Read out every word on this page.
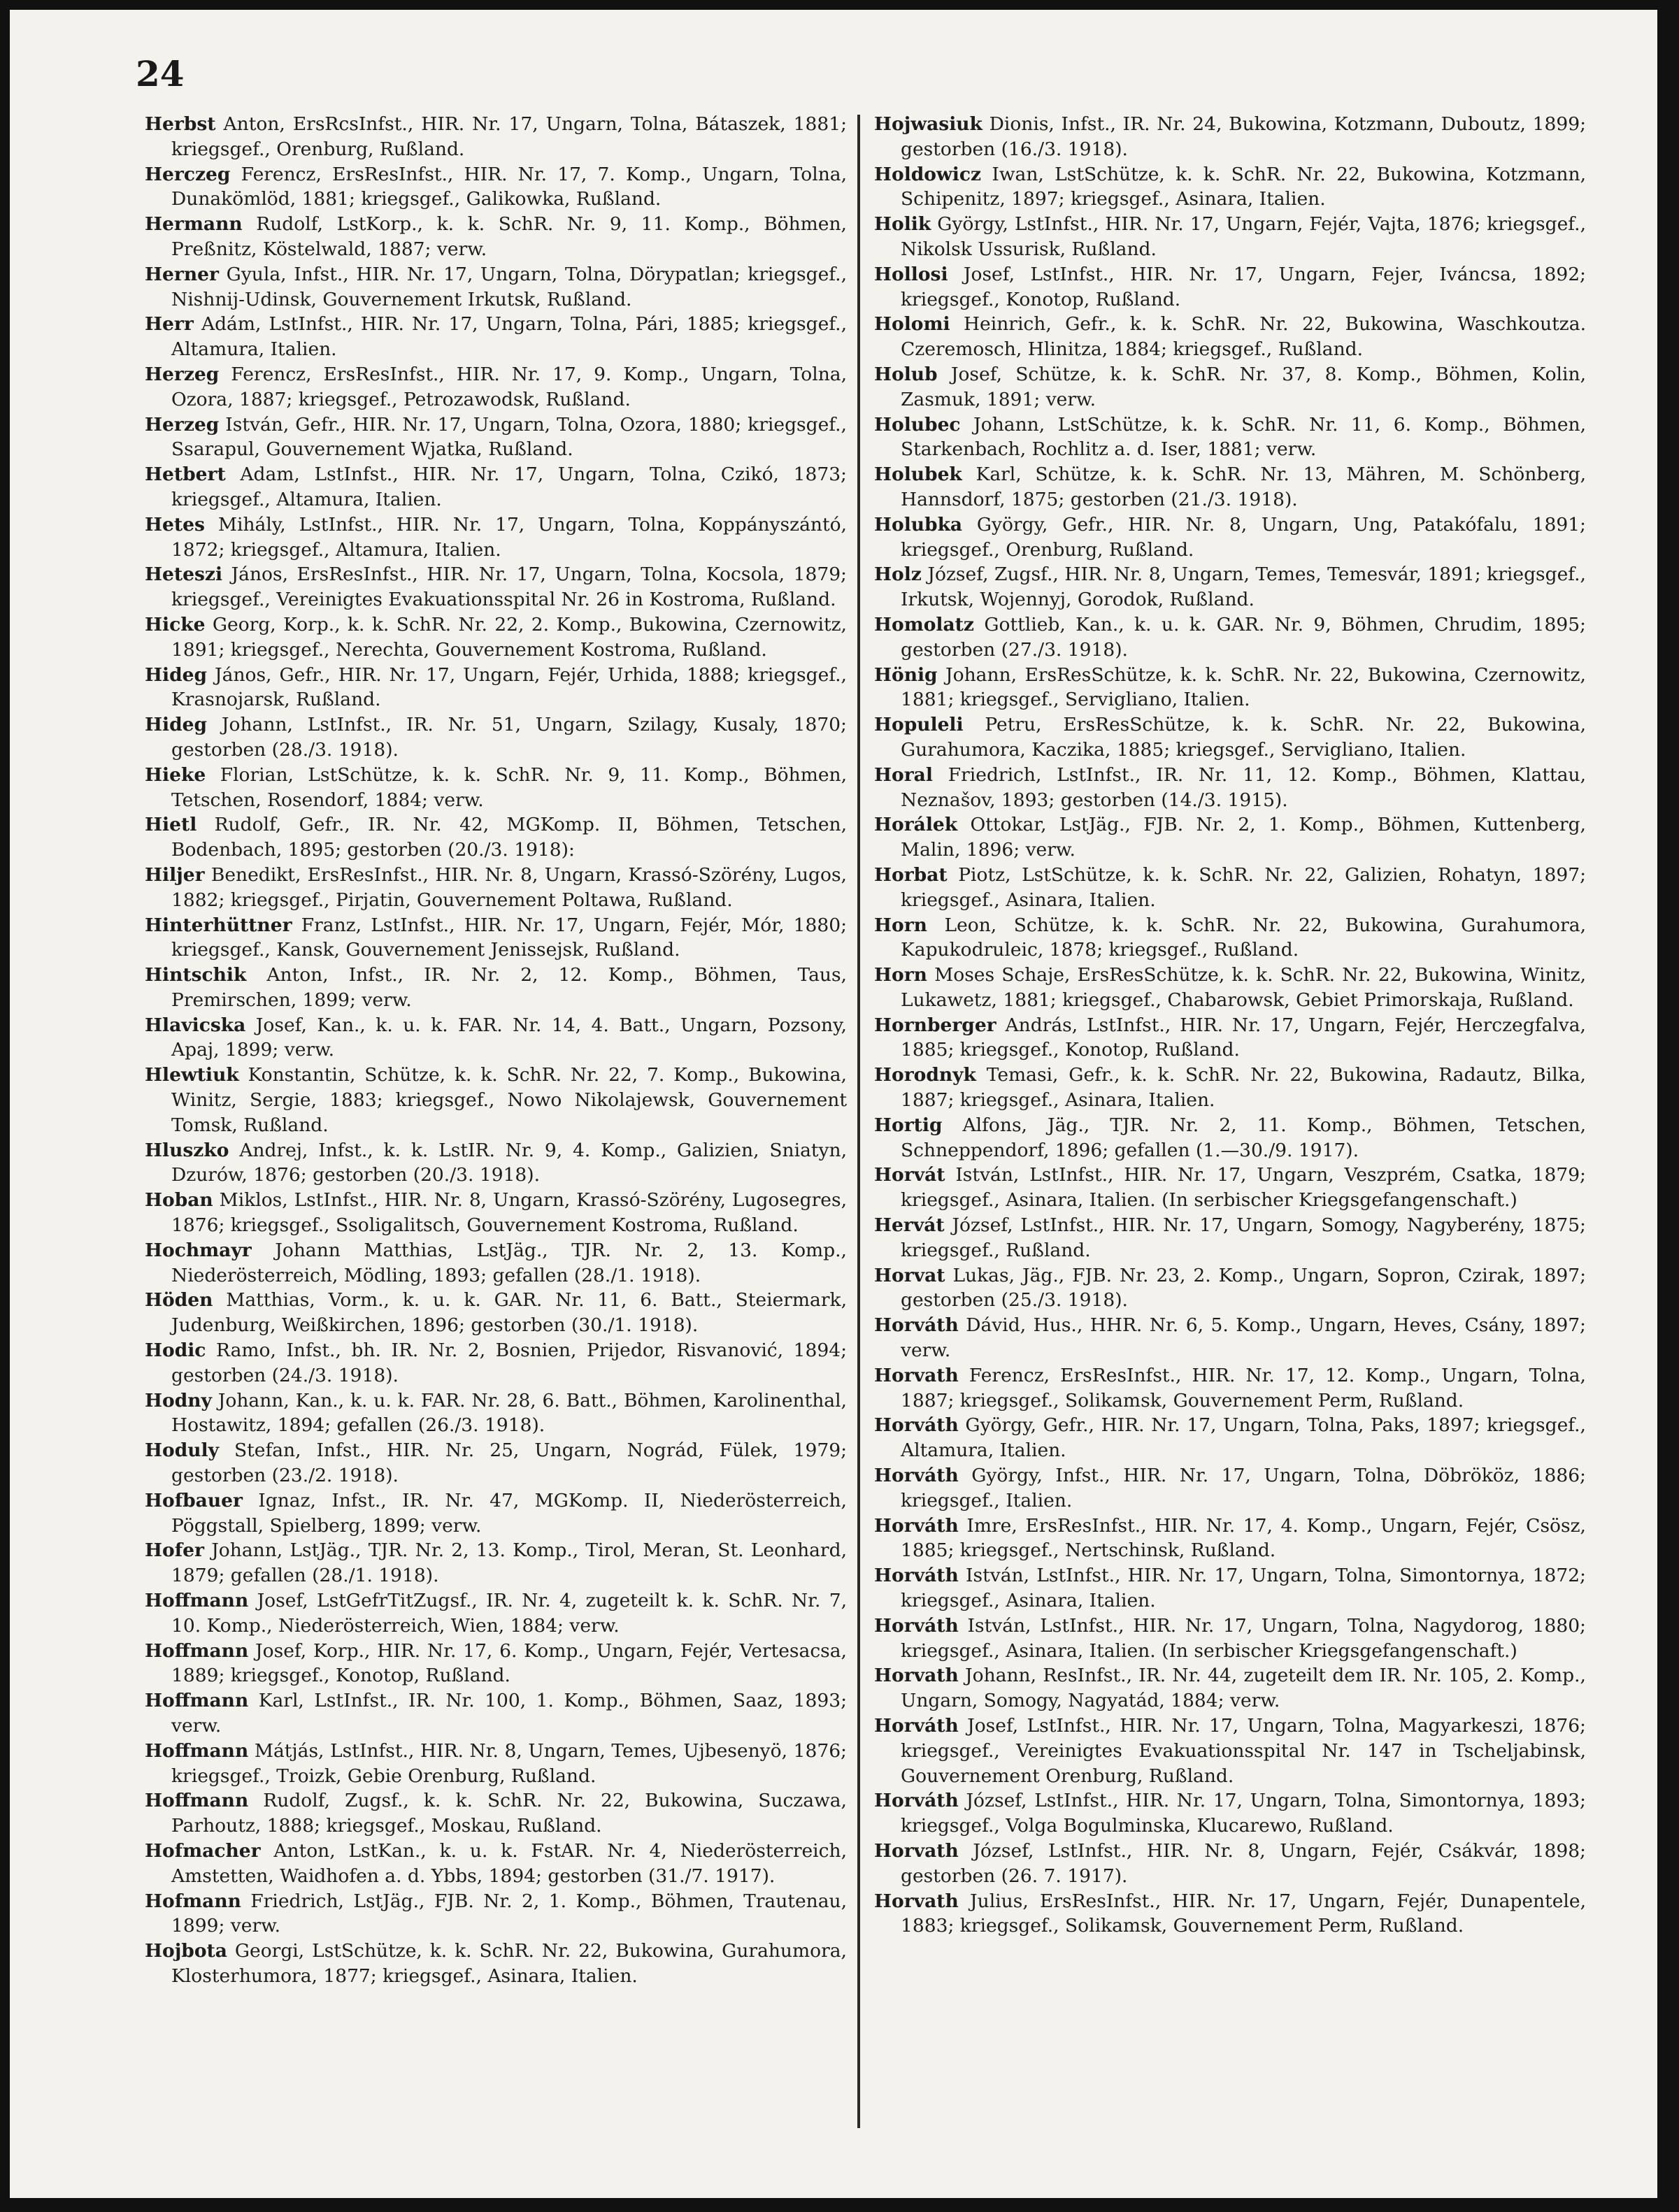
24

Herbst Anton, ErsRcsInfst., HIR. Nr. 17, Ungarn, Tolna, Bátaszek, 1881; kriegsgef., Orenburg, Rußland.

Herczeg Ferencz, ErsResInfst., HIR. Nr. 17, 7. Komp., Ungarn, Tolna, Dunakömlöd, 1881; kriegsgef., Galikowka, Rußland.

Hermann Rudolf, LstKorp., k. k. SchR. Nr. 9, 11. Komp., Böhmen, Preßnitz, Köstelwald, 1887; verw.

Herner Gyula, Infst., HIR. Nr. 17, Ungarn, Tolna, Dörypatlan; kriegsgef., Nishnij-Udinsk, Gouvernement Irkutsk, Rußland.

Herr Adám, LstInfst., HIR. Nr. 17, Ungarn, Tolna, Pári, 1885; kriegsgef., Altamura, Italien.

Herzeg Ferencz, ErsResInfst., HIR. Nr. 17, 9. Komp., Ungarn, Tolna, Ozora, 1887; kriegsgef., Petrozawodsk, Rußland.

Herzeg István, Gefr., HIR. Nr. 17, Ungarn, Tolna, Ozora, 1880; kriegsgef., Ssarapul, Gouvernement Wjatka, Rußland.

Hetbert Adam, LstInfst., HIR. Nr. 17, Ungarn, Tolna, Czikó, 1873; kriegsgef., Altamura, Italien.

Hetes Mihály, LstInfst., HIR. Nr. 17, Ungarn, Tolna, Koppányszántó, 1872; kriegsgef., Altamura, Italien.

Heteszi János, ErsResInfst., HIR. Nr. 17, Ungarn, Tolna, Kocsola, 1879; kriegsgef., Vereinigtes Evakuationsspital Nr. 26 in Kostroma, Rußland.

Hicke Georg, Korp., k. k. SchR. Nr. 22, 2. Komp., Bukowina, Czernowitz, 1891; kriegsgef., Nerechta, Gouvernement Kostroma, Rußland.

Hideg János, Gefr., HIR. Nr. 17, Ungarn, Fejér, Urhida, 1888; kriegsgef., Krasnojarsk, Rußland.

Hideg Johann, LstInfst., IR. Nr. 51, Ungarn, Szilagy, Kusaly, 1870; gestorben (28./3. 1918).

Hieke Florian, LstSchütze, k. k. SchR. Nr. 9, 11. Komp., Böhmen, Tetschen, Rosendorf, 1884; verw.

Hietl Rudolf, Gefr., IR. Nr. 42, MGKomp. II, Böhmen, Tetschen, Bodenbach, 1895; gestorben (20./3. 1918):

Hiljer Benedikt, ErsResInfst., HIR. Nr. 8, Ungarn, Krassó-Szörény, Lugos, 1882; kriegsgef., Pirjatin, Gouvernement Poltawa, Rußland.

Hinterhüttner Franz, LstInfst., HIR. Nr. 17, Ungarn, Fejér, Mór, 1880; kriegsgef., Kansk, Gouvernement Jenissejsk, Rußland.

Hintschik Anton, Infst., IR. Nr. 2, 12. Komp., Böhmen, Taus, Premirschen, 1899; verw.

Hlavicska Josef, Kan., k. u. k. FAR. Nr. 14, 4. Batt., Ungarn, Pozsony, Apaj, 1899; verw.

Hlewtiuk Konstantin, Schütze, k. k. SchR. Nr. 22, 7. Komp., Bukowina, Winitz, Sergie, 1883; kriegsgef., Nowo Nikolajewsk, Gouvernement Tomsk, Rußland.

Hluszko Andrej, Infst., k. k. LstIR. Nr. 9, 4. Komp., Galizien, Sniatyn, Dzurów, 1876; gestorben (20./3. 1918).

Hoban Miklos, LstInfst., HIR. Nr. 8, Ungarn, Krassó-Szörény, Lugosegres, 1876; kriegsgef., Ssoligalitsch, Gouvernement Kostroma, Rußland.

Hochmayr Johann Matthias, LstJäg., TJR. Nr. 2, 13. Komp., Niederösterreich, Mödling, 1893; gefallen (28./1. 1918).

Höden Matthias, Vorm., k. u. k. GAR. Nr. 11, 6. Batt., Steiermark, Judenburg, Weißkirchen, 1896; gestorben (30./1. 1918).

Hodic Ramo, Infst., bh. IR. Nr. 2, Bosnien, Prijedor, Risvanović, 1894; gestorben (24./3. 1918).

Hodny Johann, Kan., k. u. k. FAR. Nr. 28, 6. Batt., Böhmen, Karolinenthal, Hostawitz, 1894; gefallen (26./3. 1918).

Hoduly Stefan, Infst., HIR. Nr. 25, Ungarn, Nográd, Fülek, 1979; gestorben (23./2. 1918).

Hofbauer Ignaz, Infst., IR. Nr. 47, MGKomp. II, Niederösterreich, Pöggstall, Spielberg, 1899; verw.

Hofer Johann, LstJäg., TJR. Nr. 2, 13. Komp., Tirol, Meran, St. Leonhard, 1879; gefallen (28./1. 1918).

Hoffmann Josef, LstGefrTitZugsf., IR. Nr. 4, zugeteilt k. k. SchR. Nr. 7, 10. Komp., Niederösterreich, Wien, 1884; verw.

Hoffmann Josef, Korp., HIR. Nr. 17, 6. Komp., Ungarn, Fejér, Vertesacsa, 1889; kriegsgef., Konotop, Rußland.

Hoffmann Karl, LstInfst., IR. Nr. 100, 1. Komp., Böhmen, Saaz, 1893; verw.

Hoffmann Mátjás, LstInfst., HIR. Nr. 8, Ungarn, Temes, Ujbesenyö, 1876; kriegsgef., Troizk, Gebie Orenburg, Rußland.

Hoffmann Rudolf, Zugsf., k. k. SchR. Nr. 22, Bukowina, Suczawa, Parhoutz, 1888; kriegsgef., Moskau, Rußland.

Hofmacher Anton, LstKan., k. u. k. FstAR. Nr. 4, Niederösterreich, Amstetten, Waidhofen a. d. Ybbs, 1894; gestorben (31./7. 1917).

Hofmann Friedrich, LstJäg., FJB. Nr. 2, 1. Komp., Böhmen, Trautenau, 1899; verw.

Hojbota Georgi, LstSchütze, k. k. SchR. Nr. 22, Bukowina, Gurahumora, Klosterhumora, 1877; kriegsgef., Asinara, Italien.

Hojwasiuk Dionis, Infst., IR. Nr. 24, Bukowina, Kotzmann, Duboutz, 1899; gestorben (16./3. 1918).

Holdowicz Iwan, LstSchütze, k. k. SchR. Nr. 22, Bukowina, Kotzmann, Schipenitz, 1897; kriegsgef., Asinara, Italien.

Holik György, LstInfst., HIR. Nr. 17, Ungarn, Fejér, Vajta, 1876; kriegsgef., Nikolsk Ussurisk, Rußland.

Hollosi Josef, LstInfst., HIR. Nr. 17, Ungarn, Fejer, Iváncsa, 1892; kriegsgef., Konotop, Rußland.

Holomi Heinrich, Gefr., k. k. SchR. Nr. 22, Bukowina, Waschkoutza. Czeremosch, Hlinitza, 1884; kriegsgef., Rußland.

Holub Josef, Schütze, k. k. SchR. Nr. 37, 8. Komp., Böhmen, Kolin, Zasmuk, 1891; verw.

Holubec Johann, LstSchütze, k. k. SchR. Nr. 11, 6. Komp., Böhmen, Starkenbach, Rochlitz a. d. Iser, 1881; verw.

Holubek Karl, Schütze, k. k. SchR. Nr. 13, Mähren, M. Schönberg, Hannsdorf, 1875; gestorben (21./3. 1918).

Holubka György, Gefr., HIR. Nr. 8, Ungarn, Ung, Patakófalu, 1891; kriegsgef., Orenburg, Rußland.

Holz József, Zugsf., HIR. Nr. 8, Ungarn, Temes, Temesvár, 1891; kriegsgef., Irkutsk, Wojennyj, Gorodok, Rußland.

Homolatz Gottlieb, Kan., k. u. k. GAR. Nr. 9, Böhmen, Chrudim, 1895; gestorben (27./3. 1918).

Hönig Johann, ErsResSchütze, k. k. SchR. Nr. 22, Bukowina, Czernowitz, 1881; kriegsgef., Servigliano, Italien.

Hopuleli Petru, ErsResSchütze, k. k. SchR. Nr. 22, Bukowina, Gurahumora, Kaczika, 1885; kriegsgef., Servigliano, Italien.

Horal Friedrich, LstInfst., IR. Nr. 11, 12. Komp., Böhmen, Klattau, Neznašov, 1893; gestorben (14./3. 1915).

Horálek Ottokar, LstJäg., FJB. Nr. 2, 1. Komp., Böhmen, Kuttenberg, Malin, 1896; verw.

Horbat Piotz, LstSchütze, k. k. SchR. Nr. 22, Galizien, Rohatyn, 1897; kriegsgef., Asinara, Italien.

Horn Leon, Schütze, k. k. SchR. Nr. 22, Bukowina, Gurahumora, Kapukodruleic, 1878; kriegsgef., Rußland.

Horn Moses Schaje, ErsResSchütze, k. k. SchR. Nr. 22, Bukowina, Winitz, Lukawetz, 1881; kriegsgef., Chabarowsk, Gebiet Primorskaja, Rußland.

Hornberger András, LstInfst., HIR. Nr. 17, Ungarn, Fejér, Herczegfalva, 1885; kriegsgef., Konotop, Rußland.

Horodnyk Temasi, Gefr., k. k. SchR. Nr. 22, Bukowina, Radautz, Bilka, 1887; kriegsgef., Asinara, Italien.

Hortig Alfons, Jäg., TJR. Nr. 2, 11. Komp., Böhmen, Tetschen, Schneppendorf, 1896; gefallen (1.—30./9. 1917).

Horvát István, LstInfst., HIR. Nr. 17, Ungarn, Veszprém, Csatka, 1879; kriegsgef., Asinara, Italien. (In serbischer Kriegsgefangenschaft.)

Hervát József, LstInfst., HIR. Nr. 17, Ungarn, Somogy, Nagyberény, 1875; kriegsgef., Rußland.

Horvat Lukas, Jäg., FJB. Nr. 23, 2. Komp., Ungarn, Sopron, Czirak, 1897; gestorben (25./3. 1918).

Horváth Dávid, Hus., HHR. Nr. 6, 5. Komp., Ungarn, Heves, Csány, 1897; verw.

Horvath Ferencz, ErsResInfst., HIR. Nr. 17, 12. Komp., Ungarn, Tolna, 1887; kriegsgef., Solikamsk, Gouvernement Perm, Rußland.

Horváth György, Gefr., HIR. Nr. 17, Ungarn, Tolna, Paks, 1897; kriegsgef., Altamura, Italien.

Horváth György, Infst., HIR. Nr. 17, Ungarn, Tolna, Döbrököz, 1886; kriegsgef., Italien.

Horváth Imre, ErsResInfst., HIR. Nr. 17, 4. Komp., Ungarn, Fejér, Csösz, 1885; kriegsgef., Nertschinsk, Rußland.

Horváth István, LstInfst., HIR. Nr. 17, Ungarn, Tolna, Simontornya, 1872; kriegsgef., Asinara, Italien.

Horváth István, LstInfst., HIR. Nr. 17, Ungarn, Tolna, Nagydorog, 1880; kriegsgef., Asinara, Italien. (In serbischer Kriegsgefangenschaft.)

Horvath Johann, ResInfst., IR. Nr. 44, zugeteilt dem IR. Nr. 105, 2. Komp., Ungarn, Somogy, Nagyatád, 1884; verw.

Horváth Josef, LstInfst., HIR. Nr. 17, Ungarn, Tolna, Magyarkeszi, 1876; kriegsgef., Vereinigtes Evakuationsspital Nr. 147 in Tscheljabinsk, Gouvernement Orenburg, Rußland.

Horváth József, LstInfst., HIR. Nr. 17, Ungarn, Tolna, Simontornya, 1893; kriegsgef., Volga Bogulminska, Klucarewo, Rußland.

Horvath József, LstInfst., HIR. Nr. 8, Ungarn, Fejér, Csákvár, 1898; gestorben (26. 7. 1917).

Horvath Julius, ErsResInfst., HIR. Nr. 17, Ungarn, Fejér, Dunapentele, 1883; kriegsgef., Solikamsk, Gouvernement Perm, Rußland.
